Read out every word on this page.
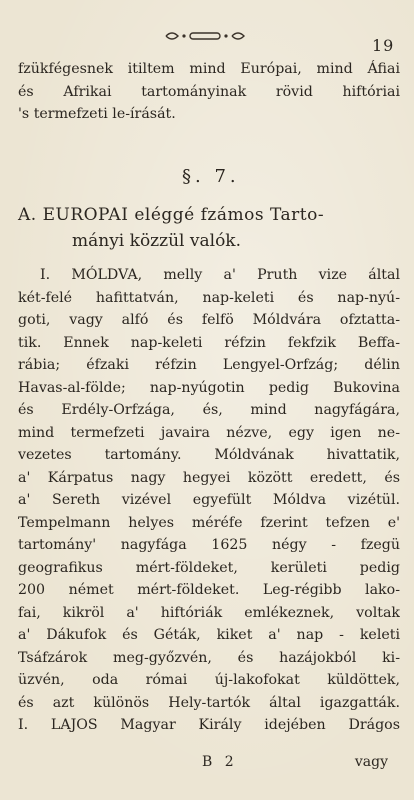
19
fzükfégesnek itiltem mind Európai, mind Áfiai
és Afrikai tartományinak rövid hiftóriai
's termefzeti le-írását.
§. 7.
A. EUROPAI eléggé fzámos Tarto-
mányi közzül valók.
I. MÓLDVA, melly a' Pruth vize által
két-felé hafittatván, nap-keleti és nap-nyú-
goti, vagy alfó és felfö Móldvára ofztatta-
tik. Ennek nap-keleti réfzin fekfzik Beffa-
rábia; éfzaki réfzin Lengyel-Orfzág; délin
Havas-al-földe; nap-nyúgotin pedig Bukovina
és Erdély-Orfzága, és, mind nagyfágára,
mind termefzeti javaira nézve, egy igen ne-
vezetes tartomány. Móldvának hivattatik,
a' Kárpatus nagy hegyei között eredett, és
a' Sereth vizével egyefült Móldva vizétül.
Tempelmann helyes méréfe fzerint tefzen e'
tartomány' nagyfága 1625 négy - fzegü
geografikus mért-földeket, kerületi pedig
200 német mért-földeket. Leg-régibb lako-
fai, kikröl a' hiftóriák emlékeznek, voltak
a' Dákufok és Géták, kiket a' nap - keleti
Tsáfzárok meg-győzvén, és hazájokból ki-
üzvén, oda római új-lakofokat küldöttek,
és azt különös Hely-tartók által igazgatták.
I. LAJOS Magyar Király idejében Drágos
B 2	vagy
